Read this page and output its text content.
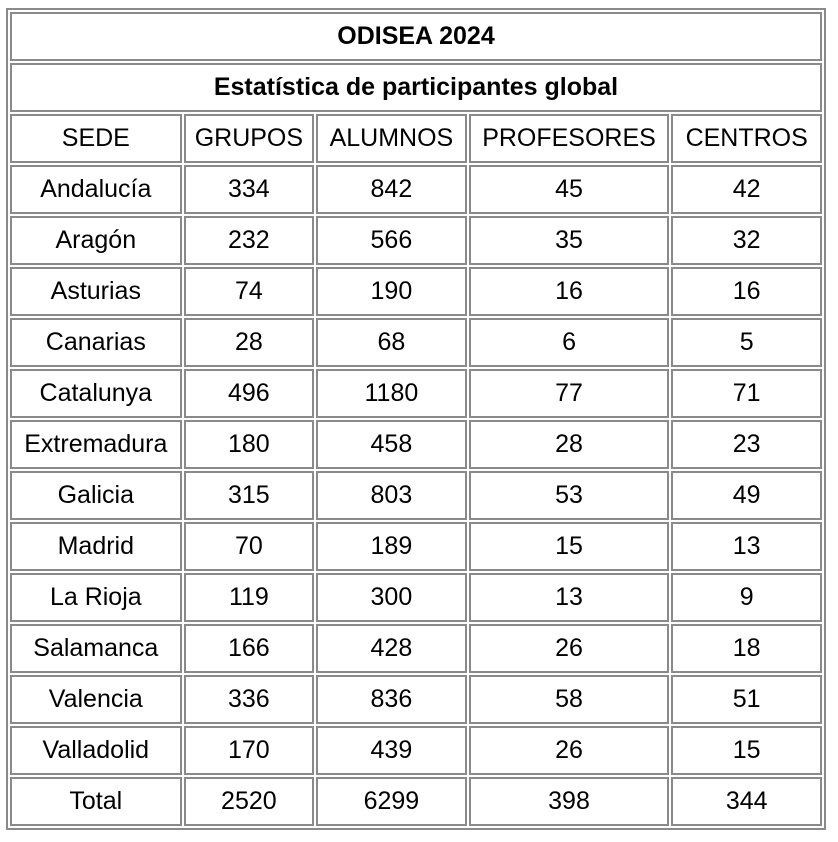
ODISEA 2024				
Estatística de participantes global				
SEDE	GRUPOS	ALUMNOS	PROFESORES	CENTROS
Andalucía	334	842	45	42
Aragón	232	566	35	32
Asturias	74	190	16	16
Canarias	28	68	6	5
Catalunya	496	1180	77	71
Extremadura	180	458	28	23
Galicia	315	803	53	49
Madrid	70	189	15	13
La Rioja	119	300	13	9
Salamanca	166	428	26	18
Valencia	336	836	58	51
Valladolid	170	439	26	15
Total	2520	6299	398	344
